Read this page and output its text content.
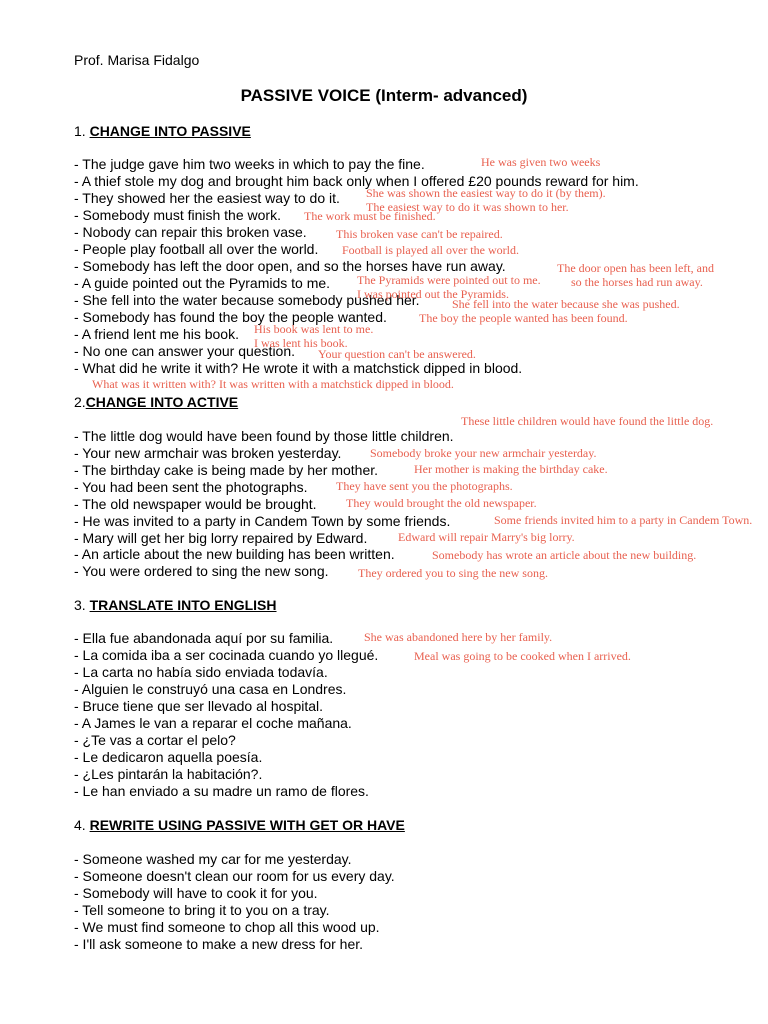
Prof. Marisa Fidalgo
PASSIVE VOICE (Interm- advanced)
1. CHANGE INTO PASSIVE
- The judge gave him two weeks in which to pay the fine.
- A thief stole my dog and brought him back only when I offered £20 pounds reward for him.
- They showed her the easiest way to do it.
- Somebody must finish the work.
- Nobody can repair this broken vase.
- People play football all over the world.
- Somebody has left the door open, and so the horses have run away.
- A guide pointed out the Pyramids to me.
- She fell into the water because somebody pushed her.
- Somebody has found the boy the people wanted.
- A friend lent me his book.
- No one can answer your question.
- What did he write it with? He wrote it with a matchstick dipped in blood.
2.CHANGE INTO ACTIVE
- The little dog would have been found by those little children.
- Your new armchair was broken yesterday.
- The birthday cake is being made by her mother.
- You had been sent the photographs.
- The old newspaper would be brought.
- He was invited to a party in Candem Town by some friends.
- Mary will get her big lorry repaired by Edward.
- An article about the new building has been written.
- You were ordered to sing the new song.
3. TRANSLATE INTO ENGLISH
- Ella fue abandonada aquí por su familia.
- La comida iba a ser cocinada cuando yo llegué.
- La carta no había sido enviada todavía.
- Alguien le construyó una casa en Londres.
- Bruce tiene que ser llevado al hospital.
- A James le van a reparar el coche mañana.
- ¿Te vas a cortar el pelo?
- Le dedicaron aquella poesía.
- ¿Les pintarán la habitación?.
- Le han enviado a su madre un ramo de flores.
4. REWRITE USING PASSIVE WITH GET OR HAVE
- Someone washed my car for me yesterday.
- Someone doesn't clean our room for us every day.
- Somebody will have to cook it for you.
- Tell someone to bring it to you on a tray.
- We must find someone to chop all this wood up.
- I'll ask someone to make a new dress for her.
He was given two weeks
She was shown the easiest way to do it (by them).
The easiest way to do it was shown to her.
The work must be finished.
This broken vase can't be repaired.
Football is played all over the world.
The door open has been left, and
so the horses had run away.
The Pyramids were pointed out to me.
I was pointed out the Pyramids.
She fell into the water because she was pushed.
The boy the people wanted has been found.
His book was lent to me.
I was lent his book.
Your question can't be answered.
What was it written with? It was written with a matchstick dipped in blood.
These little children would have found the little dog.
Somebody broke your new armchair yesterday.
Her mother is making the birthday cake.
They have sent you the photographs.
They would brought the old newspaper.
Some friends invited him to a party in Candem Town.
Edward will repair Marry's big lorry.
Somebody has wrote an article about the new building.
They ordered you to sing the new song.
She was abandoned here by her family.
Meal was going to be cooked when I arrived.
